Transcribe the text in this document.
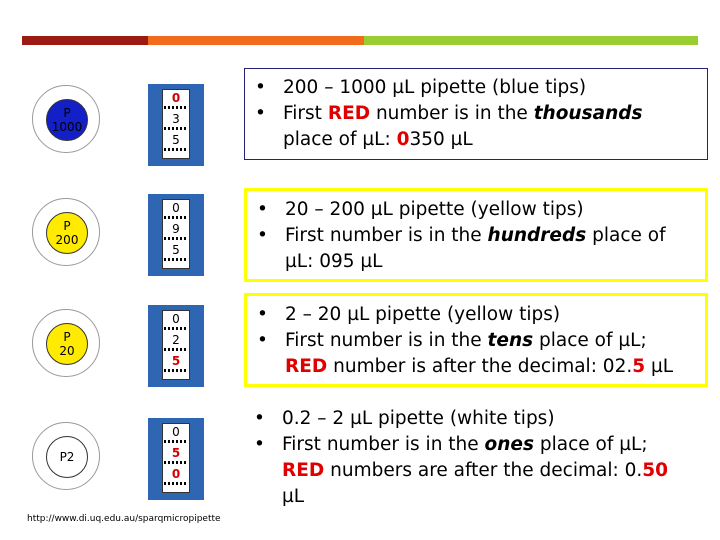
P
1000
0
3
5
P
200
0
9
5
P
20
0
2
5
P2
0
5
0
• 200 – 1000 µL pipette (blue tips)
• First RED number is in the thousands
place of µL: 0350 µL
• 20 – 200 µL pipette (yellow tips)
• First number is in the hundreds place of
µL: 095 µL
• 2 – 20 µL pipette (yellow tips)
• First number is in the tens place of µL;
RED number is after the decimal: 02.5 µL
• 0.2 – 2 µL pipette (white tips)
• First number is in the ones place of µL;
RED numbers are after the decimal: 0.50
µL
http://www.di.uq.edu.au/sparqmicropipette
